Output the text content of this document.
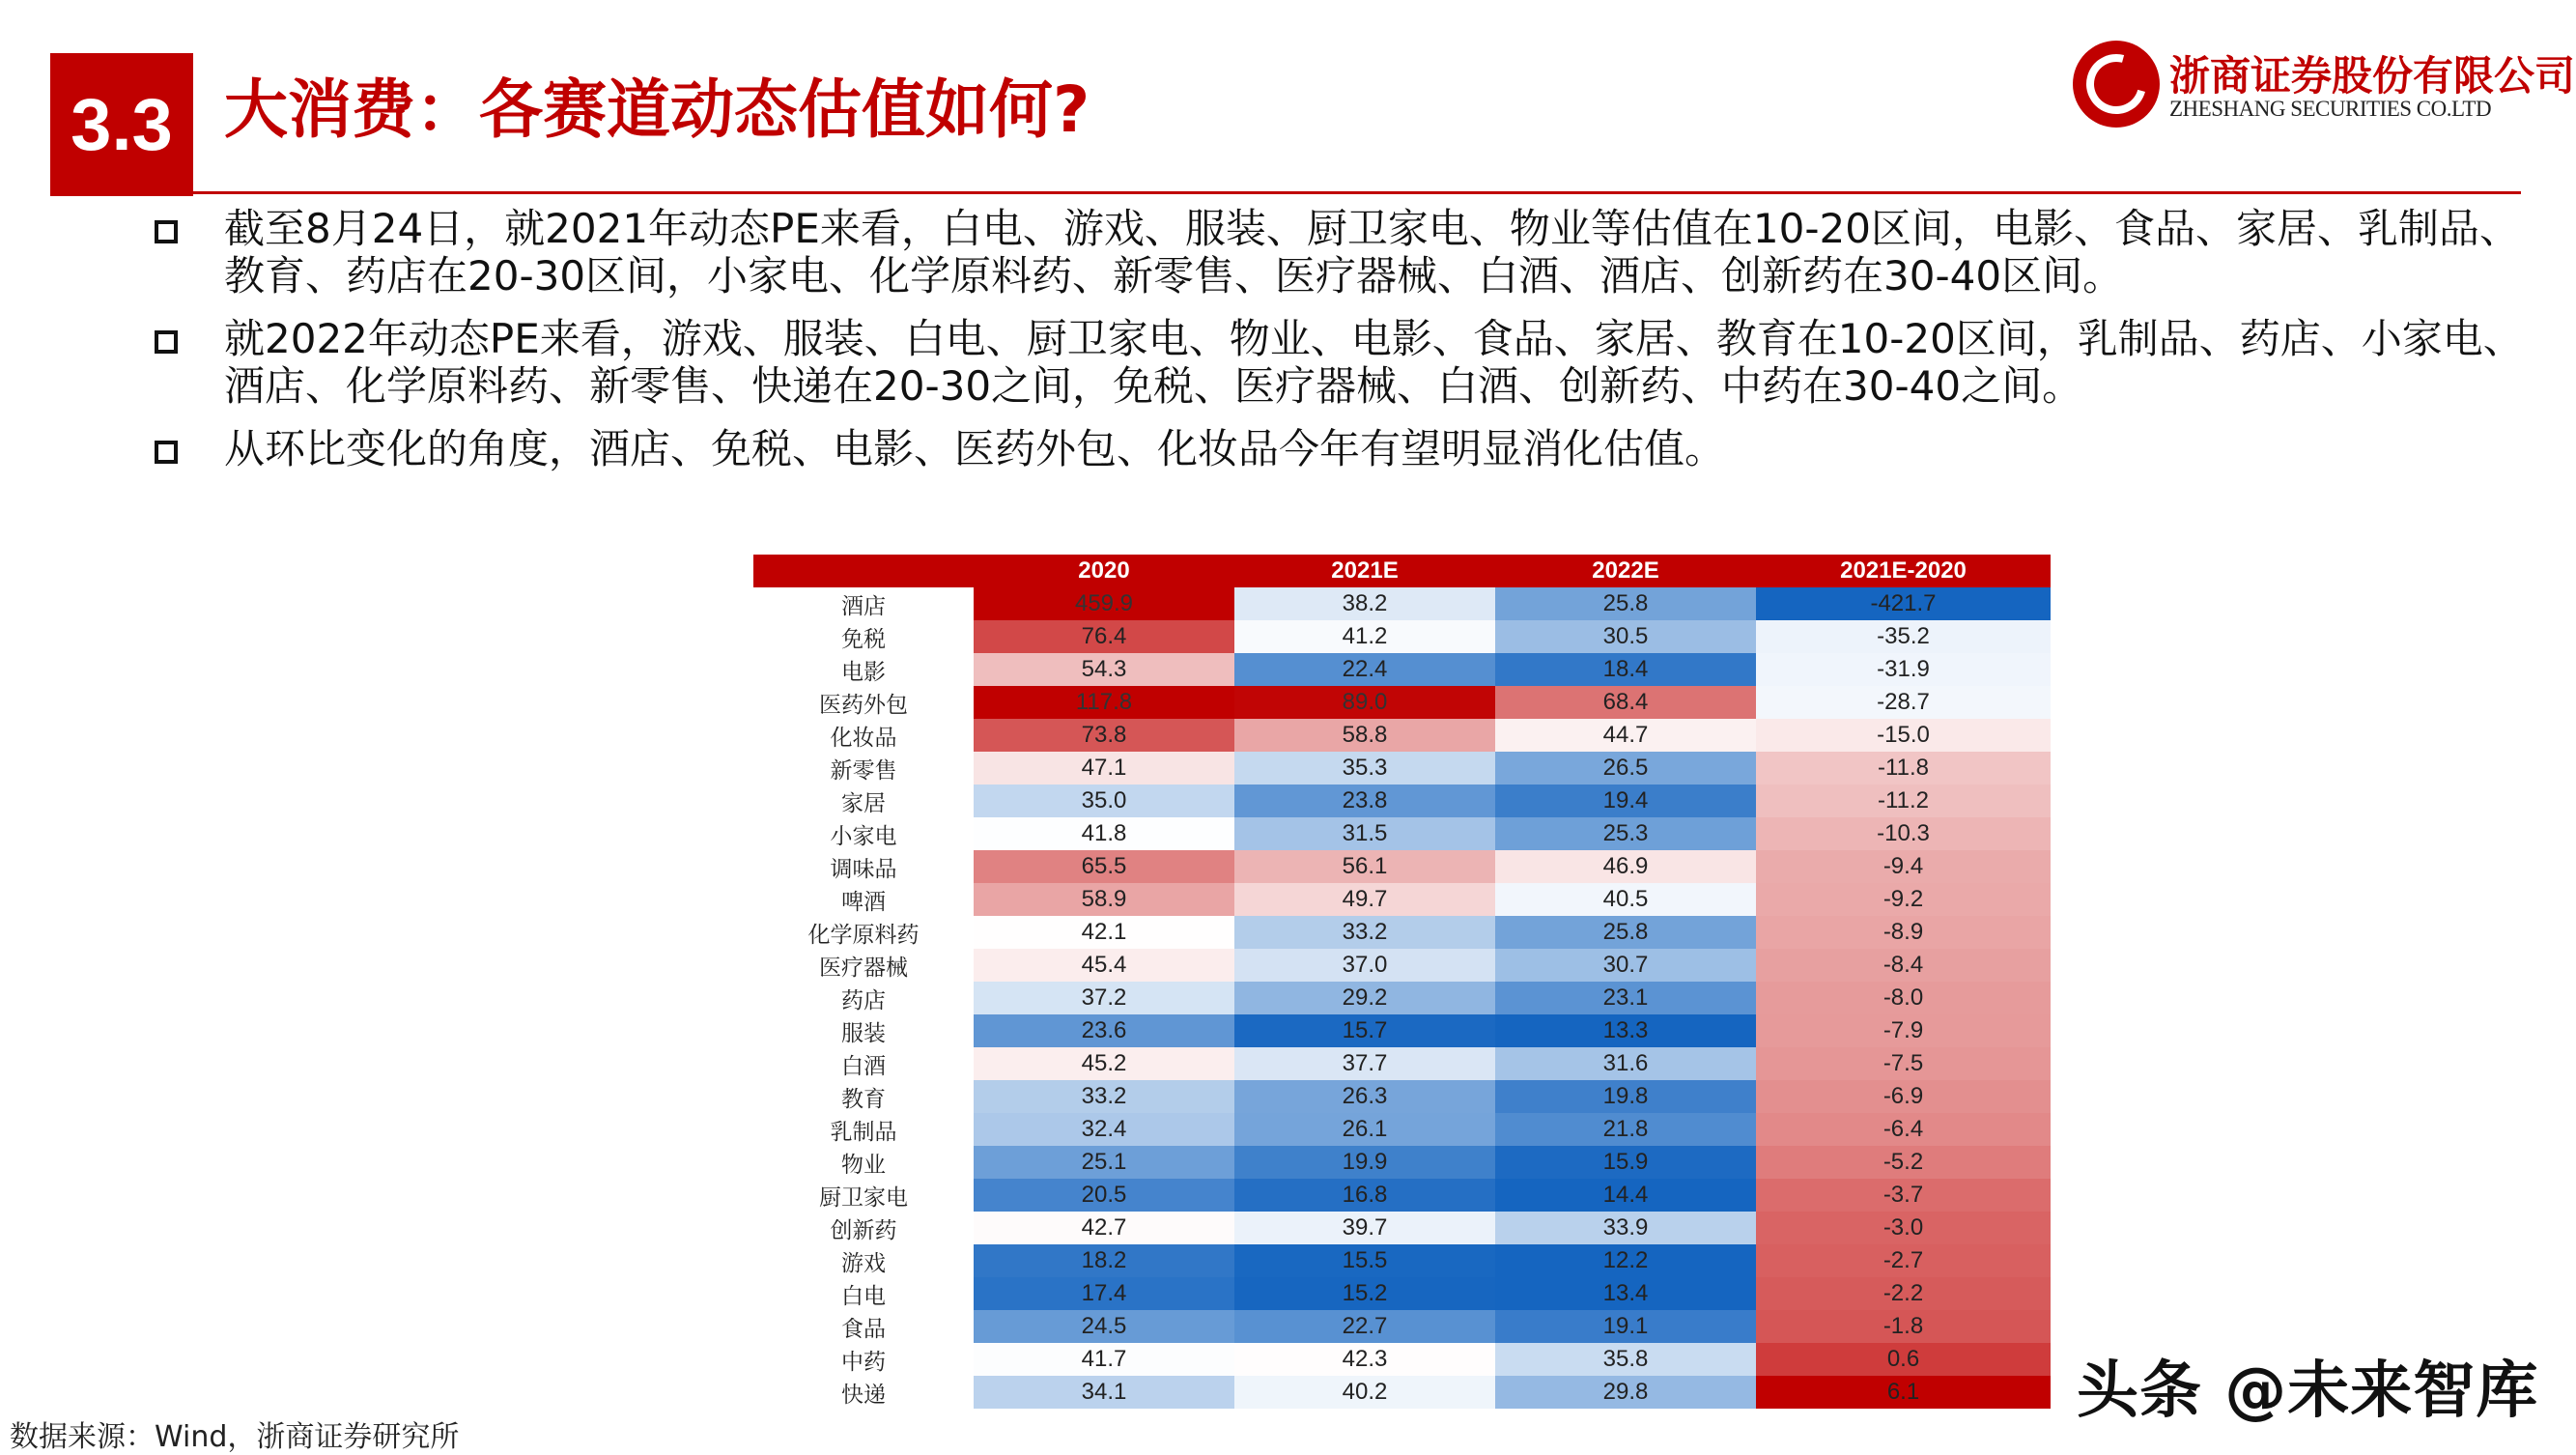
3.3 大消费：各赛道动态估值如何?	浙商证券股份有限公司
ZHESHANG SECURITIES CO.LTD
截至8月24日，就2021年动态PE来看，白电、游戏、服装、厨卫家电、物业等估值在10-20区间，电影、食品、家居、乳制品、教育、药店在20-30区间，小家电、化学原料药、新零售、医疗器械、白酒、酒店、创新药在30-40区间。
就2022年动态PE来看，游戏、服装、白电、厨卫家电、物业、电影、食品、家居、教育在10-20区间，乳制品、药店、小家电、酒店、化学原料药、新零售、快递在20-30之间，免税、医疗器械、白酒、创新药、中药在30-40之间。
从环比变化的角度，酒店、免税、电影、医药外包、化妆品今年有望明显消化估值。
	2020	2021E	2022E	2021E-2020
酒店	459.9	38.2	25.8	-421.7
免税	76.4	41.2	30.5	-35.2
电影	54.3	22.4	18.4	-31.9
医药外包	117.8	89.0	68.4	-28.7
化妆品	73.8	58.8	44.7	-15.0
新零售	47.1	35.3	26.5	-11.8
家居	35.0	23.8	19.4	-11.2
小家电	41.8	31.5	25.3	-10.3
调味品	65.5	56.1	46.9	-9.4
啤酒	58.9	49.7	40.5	-9.2
化学原料药	42.1	33.2	25.8	-8.9
医疗器械	45.4	37.0	30.7	-8.4
药店	37.2	29.2	23.1	-8.0
服装	23.6	15.7	13.3	-7.9
白酒	45.2	37.7	31.6	-7.5
教育	33.2	26.3	19.8	-6.9
乳制品	32.4	26.1	21.8	-6.4
物业	25.1	19.9	15.9	-5.2
厨卫家电	20.5	16.8	14.4	-3.7
创新药	42.7	39.7	33.9	-3.0
游戏	18.2	15.5	12.2	-2.7
白电	17.4	15.2	13.4	-2.2
食品	24.5	22.7	19.1	-1.8
中药	41.7	42.3	35.8	0.6
快递	34.1	40.2	29.8	6.1
数据来源：Wind，浙商证券研究所
头条 @未来智库
